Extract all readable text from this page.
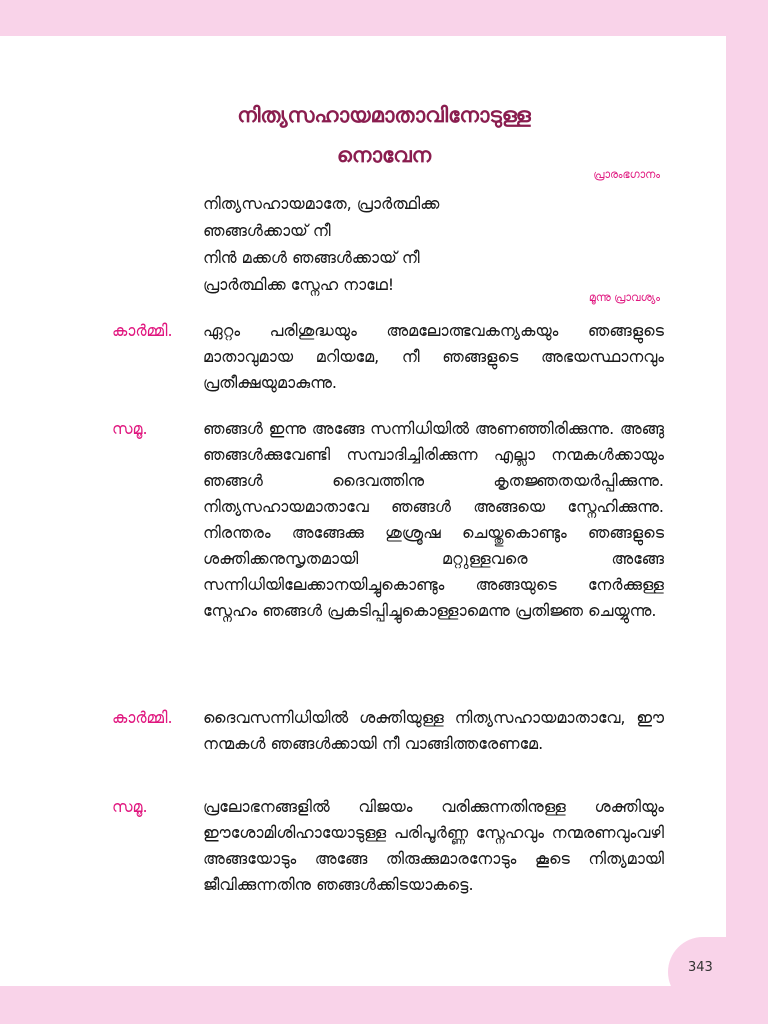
നിത്യസഹായമാതാവിനോടുള്ള
നൊവേന
പ്രാരംഭഗാനം
നിത്യസഹായമാതേ, പ്രാർത്ഥിക്ക
ഞങ്ങൾക്കായ് നീ
നിൻ മക്കൾ ഞങ്ങൾക്കായ് നീ
പ്രാർത്ഥിക്ക സ്നേഹ നാഥേ!
മൂന്നു പ്രാവശ്യം
കാർമ്മി. ഏറ്റം പരിശുദ്ധയും അമലോത്ഭവകന്യകയും ഞങ്ങളുടെ മാതാവുമായ മറിയമേ, നീ ഞങ്ങളുടെ അഭയസ്ഥാനവും പ്രതീക്ഷയുമാകുന്നു.
സമൂ.	ഞങ്ങൾ ഇന്നു അങ്ങേ സന്നിധിയിൽ അണഞ്ഞിരിക്കുന്നു. അങ്ങു ഞങ്ങൾക്കുവേണ്ടി സമ്പാദിച്ചിരിക്കുന്ന എല്ലാ നന്മകൾക്കായും ഞങ്ങൾ ദൈവത്തിനു കൃതജ്ഞതയർപ്പിക്കുന്നു. നിത്യസഹായമാതാവേ ഞങ്ങൾ അങ്ങയെ സ്നേഹിക്കുന്നു. നിരന്തരം അങ്ങേക്കു ശുശ്രൂഷ ചെയ്തുകൊണ്ടും ഞങ്ങളുടെ ശക്തിക്കനുസൃതമായി മറ്റുള്ളവരെ അങ്ങേ സന്നിധിയിലേക്കാനയിച്ചുകൊണ്ടും അങ്ങയുടെ നേർക്കുള്ള സ്നേഹം ഞങ്ങൾ പ്രകടിപ്പിച്ചുകൊള്ളാമെന്നു പ്രതിജ്ഞ ചെയ്യുന്നു.
കാർമ്മി. ദൈവസന്നിധിയിൽ ശക്തിയുള്ള നിത്യസഹായമാതാവേ, ഈ നന്മകൾ ഞങ്ങൾക്കായി നീ വാങ്ങിത്തരേണമേ.
സമൂ.	പ്രലോഭനങ്ങളിൽ വിജയം വരിക്കുന്നതിനുള്ള ശക്തിയും ഈശോമിശിഹായോടുള്ള പരിപൂർണ്ണ സ്നേഹവും നന്മരണവുംവഴി അങ്ങയോടും അങ്ങേ തിരുക്കുമാരനോടും കൂടെ നിത്യമായി ജീവിക്കുന്നതിനു ഞങ്ങൾക്കിടയാകട്ടെ.
343
